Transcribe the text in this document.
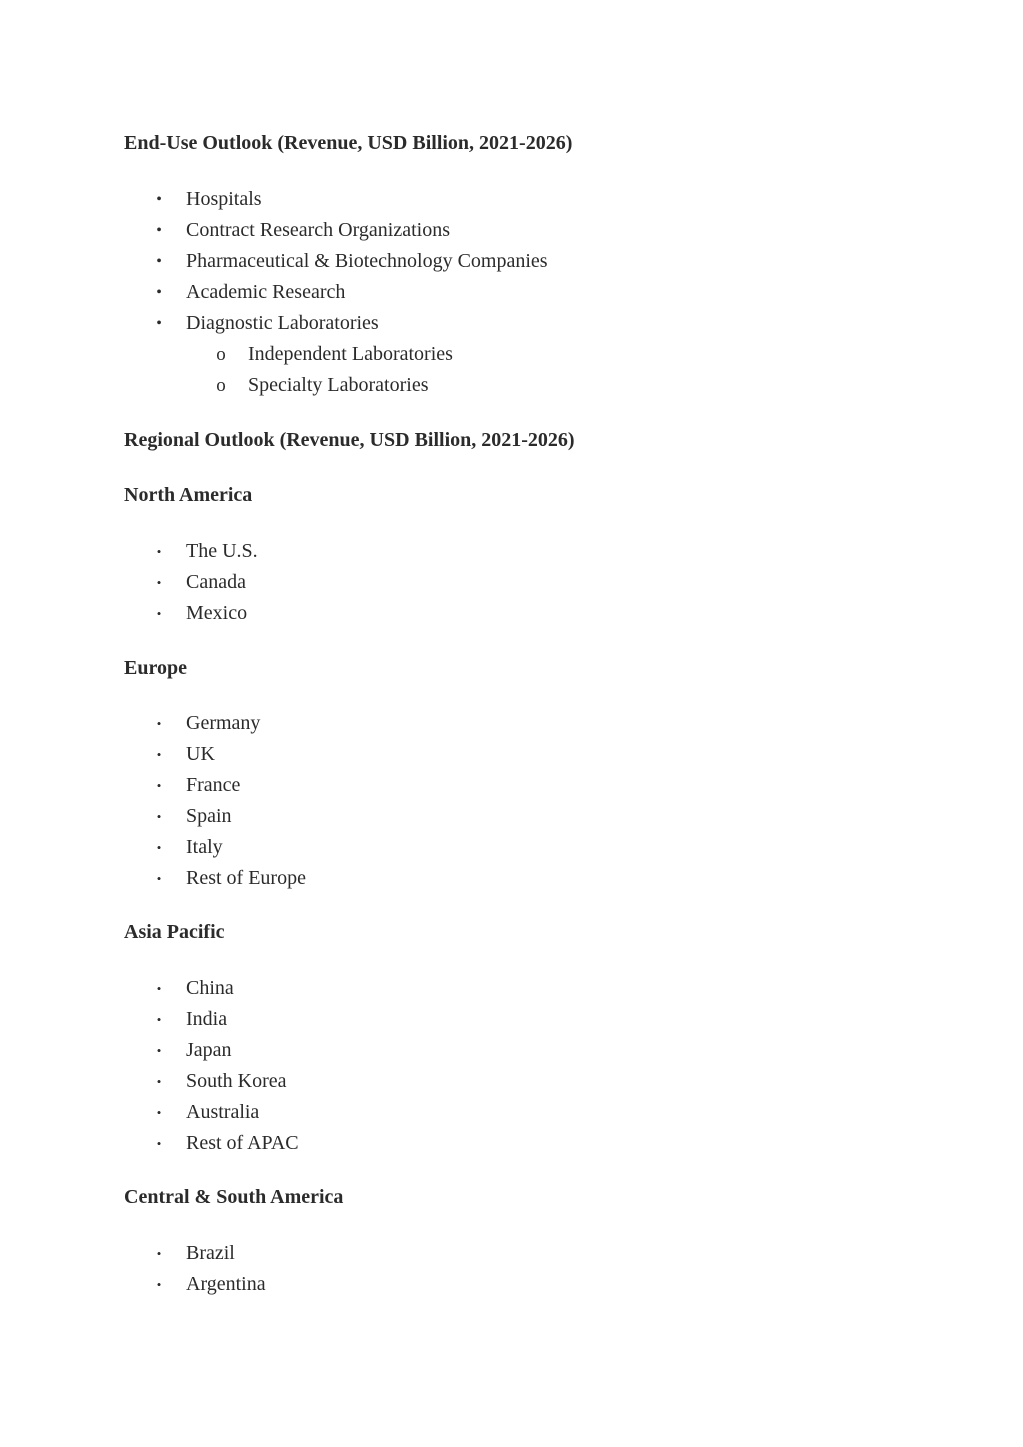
End-Use Outlook (Revenue, USD Billion, 2021-2026)
• Hospitals
• Contract Research Organizations
• Pharmaceutical & Biotechnology Companies
• Academic Research
• Diagnostic Laboratories
o Independent Laboratories
o Specialty Laboratories
Regional Outlook (Revenue, USD Billion, 2021-2026)
North America
• The U.S.
• Canada
• Mexico
Europe
• Germany
• UK
• France
• Spain
• Italy
• Rest of Europe
Asia Pacific
• China
• India
• Japan
• South Korea
• Australia
• Rest of APAC
Central & South America
• Brazil
• Argentina
